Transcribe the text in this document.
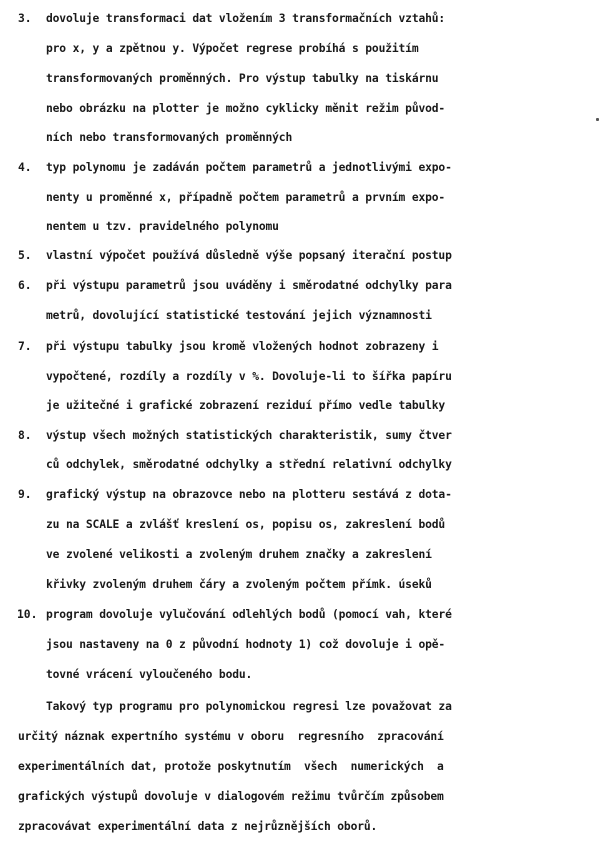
3. dovoluje transformaci dat vložením 3 transformačních vztahů:
pro x, y a zpětnou y. Výpočet regrese probíhá s použitím
transformovaných proměnných. Pro výstup tabulky na tiskárnu
nebo obrázku na plotter je možno cyklicky měnit režim původ-
ních nebo transformovaných proměnných
4. typ polynomu je zadáván počtem parametrů a jednotlivými expo-
nenty u proměnné x, případně počtem parametrů a prvním expo-
nentem u tzv. pravidelného polynomu
5. vlastní výpočet používá důsledně výše popsaný iterační postup
6. při výstupu parametrů jsou uváděny i směrodatné odchylky para
metrů, dovolující statistické testování jejich významnosti
7. při výstupu tabulky jsou kromě vložených hodnot zobrazeny i
vypočtené, rozdíly a rozdíly v %. Dovoluje-li to šířka papíru
je užitečné i grafické zobrazení reziduí přímo vedle tabulky
8. výstup všech možných statistických charakteristik, sumy čtver
ců odchylek, směrodatné odchylky a střední relativní odchylky
9. grafický výstup na obrazovce nebo na plotteru sestává z dota-
zu na SCALE a zvlášť kreslení os, popisu os, zakreslení bodů
ve zvolené velikosti a zvoleným druhem značky a zakreslení
křivky zvoleným druhem čáry a zvoleným počtem přímk. úseků
10. program dovoluje vylučování odlehlých bodů (pomocí vah, které
jsou nastaveny na 0 z původní hodnoty 1) což dovoluje i opě-
tovné vrácení vyloučeného bodu.
Takový typ programu pro polynomickou regresi lze považovat za
určitý náznak expertního systému v oboru  regresního  zpracování
experimentálních dat, protože poskytnutím  všech  numerických  a
grafických výstupů dovoluje v dialogovém režimu tvůrčím způsobem
zpracovávat experimentální data z nejrůznějších oborů.
